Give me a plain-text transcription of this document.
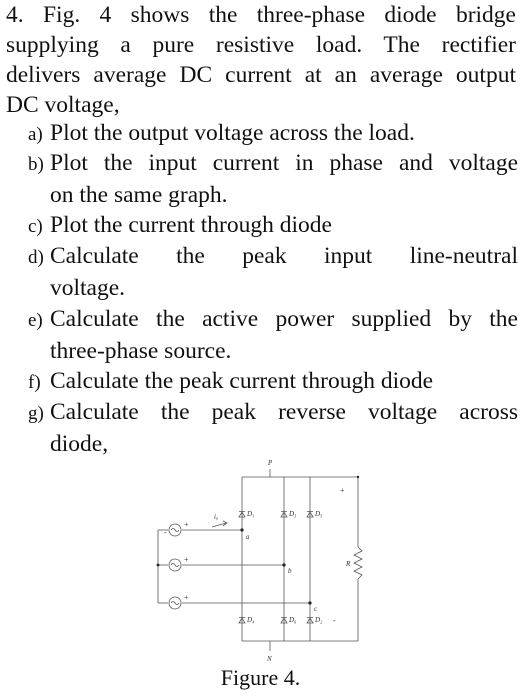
4. Fig. 4 shows the three-phase diode bridge
supplying a pure resistive load. The rectifier
delivers average DC current at an average output
DC voltage,
a) Plot the output voltage across the load.
b) Plot the input current in phase and voltage
on the same graph.
c) Plot the current through diode
d) Calculate the peak input line-neutral
voltage.
e) Calculate the active power supplied by the
three-phase source.
f) Calculate the peak current through diode
g) Calculate the peak reverse voltage across
diode,
P
N
a
b
c
iₐ
R
D₁	D₃	D₅
D₄	D₆	D₂
+
-
+
+
+
-
Figure 4.
